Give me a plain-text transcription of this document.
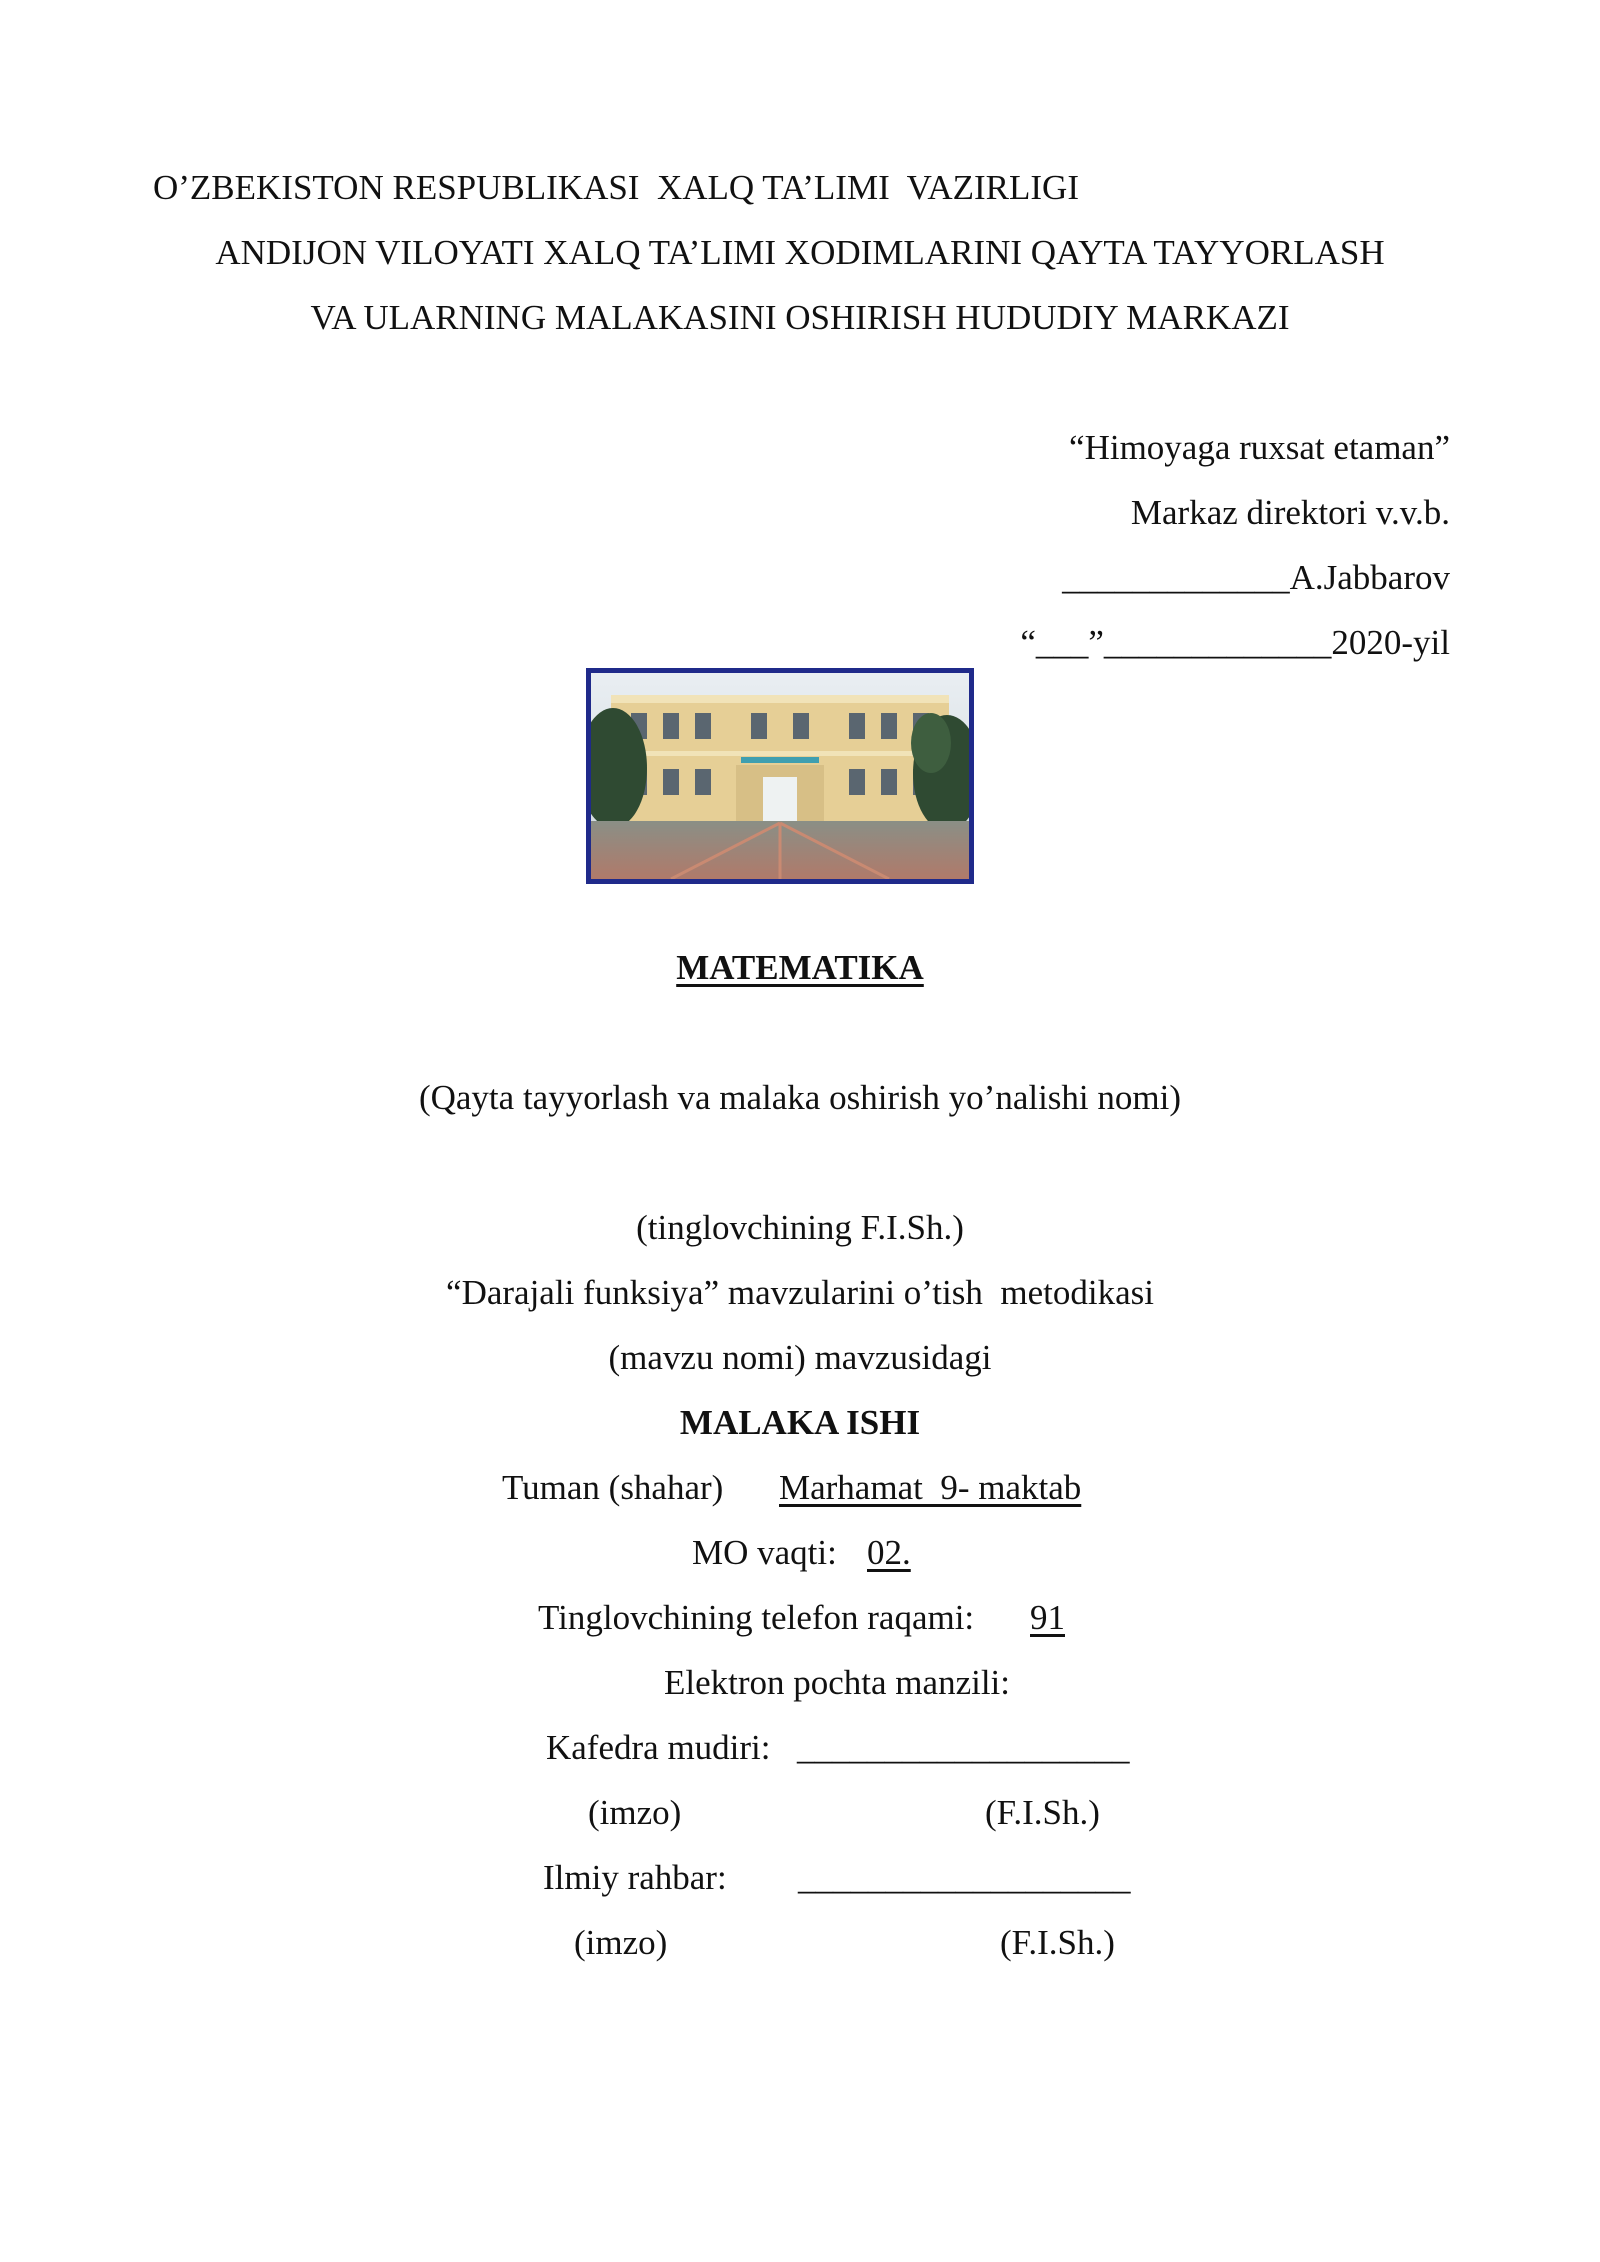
O’ZBEKISTON RESPUBLIKASI  XALQ TA’LIMI  VAZIRLIGI
ANDIJON VILOYATI XALQ TA’LIMI XODIMLARINI QAYTA TAYYORLASH
VA ULARNING MALAKASINI OSHIRISH HUDUDIY MARKAZI
“Himoyaga ruxsat etaman”
Markaz direktori v.v.b.
_____________A.Jabbarov
“___”_____________2020-yil
MATEMATIKA
(Qayta tayyorlash va malaka oshirish yo’nalishi nomi)
(tinglovchining F.I.Sh.)
“Darajali funksiya” mavzularini o’tish  metodikasi
(mavzu nomi) mavzusidagi
MALAKA ISHI
Tuman (shahar) Marhamat  9- maktab
MO vaqti: 02.
Tinglovchining telefon raqami: 91
Elektron pochta manzili:
Kafedra mudiri: ___________________
(imzo)	(F.I.Sh.)
Ilmiy rahbar: ___________________
(imzo)	(F.I.Sh.)
